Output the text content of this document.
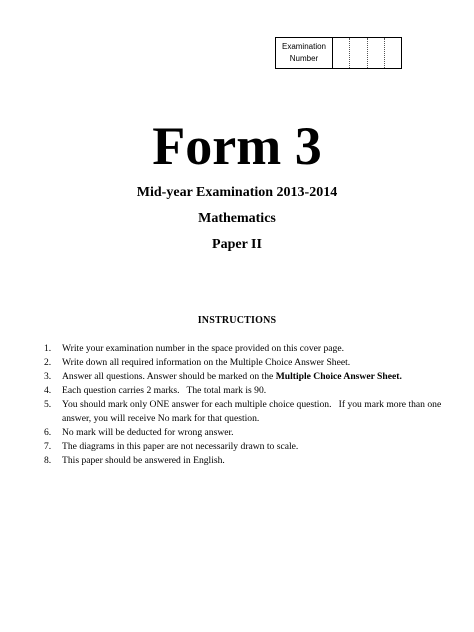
Examination
Number
Form 3
Mid-year Examination 2013-2014
Mathematics
Paper II
INSTRUCTIONS
1.	Write your examination number in the space provided on this cover page.
2.	Write down all required information on the Multiple Choice Answer Sheet.
3.	Answer all questions. Answer should be marked on the Multiple Choice Answer Sheet.
4.	Each question carries 2 marks.   The total mark is 90.
5.	You should mark only ONE answer for each multiple choice question.   If you mark more than one answer, you will receive No mark for that question.
6.	No mark will be deducted for wrong answer.
7.	The diagrams in this paper are not necessarily drawn to scale.
8.	This paper should be answered in English.
